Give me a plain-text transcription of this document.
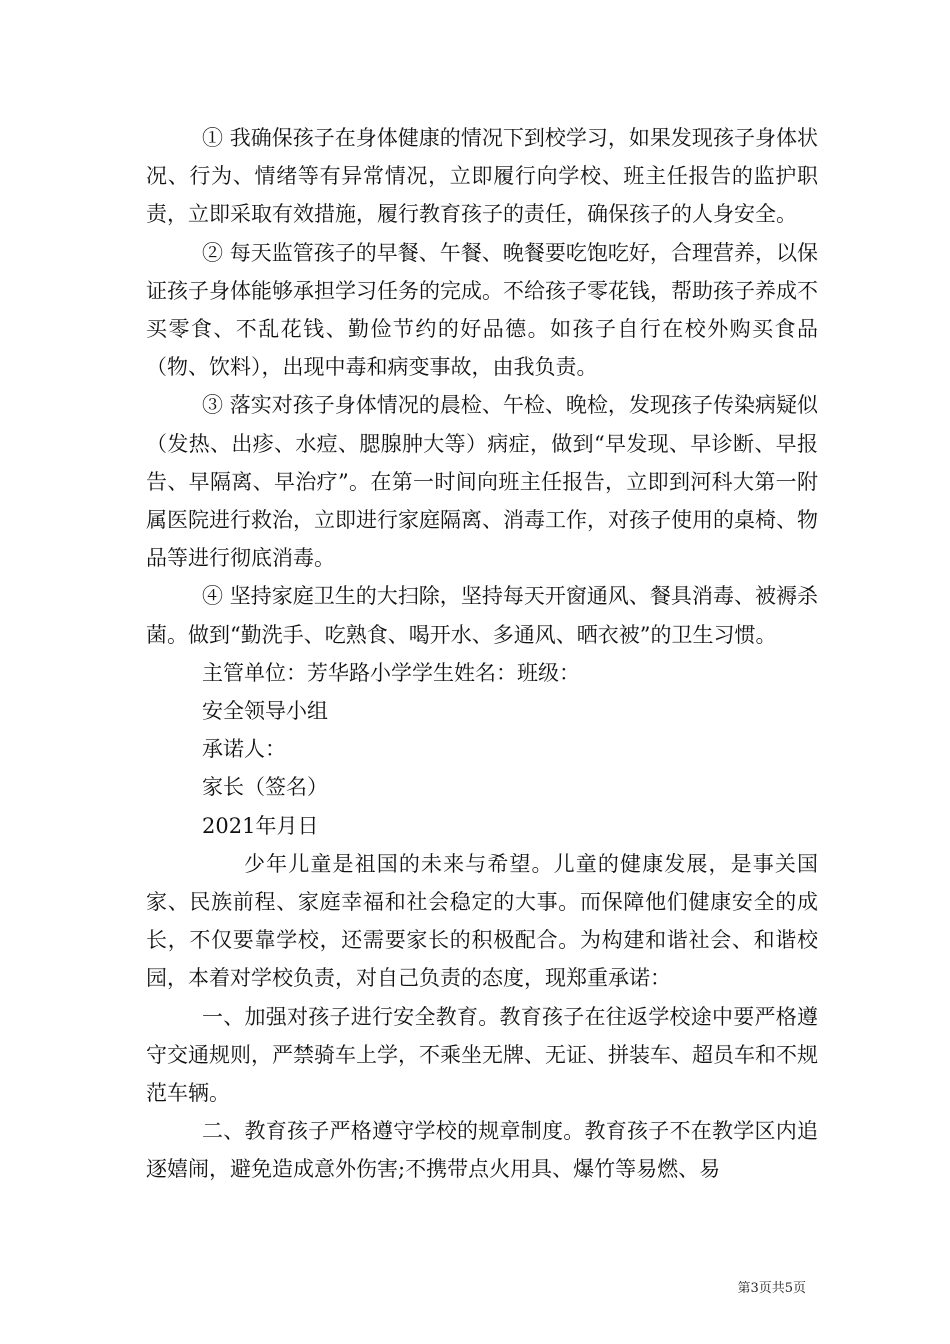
① 我确保孩子在身体健康的情况下到校学习，如果发现孩子身体状况、行为、情绪等有异常情况，立即履行向学校、班主任报告的监护职责，立即采取有效措施，履行教育孩子的责任，确保孩子的人身安全。

② 每天监管孩子的早餐、午餐、晚餐要吃饱吃好，合理营养，以保证孩子身体能够承担学习任务的完成。不给孩子零花钱，帮助孩子养成不买零食、不乱花钱、勤俭节约的好品德。如孩子自行在校外购买食品（物、饮料），出现中毒和病变事故，由我负责。

③ 落实对孩子身体情况的晨检、午检、晚检，发现孩子传染病疑似（发热、出疹、水痘、腮腺肿大等）病症，做到“早发现、早诊断、早报告、早隔离、早治疗”。在第一时间向班主任报告，立即到河科大第一附属医院进行救治，立即进行家庭隔离、消毒工作，对孩子使用的桌椅、物品等进行彻底消毒。

④ 坚持家庭卫生的大扫除，坚持每天开窗通风、餐具消毒、被褥杀菌。做到“勤洗手、吃熟食、喝开水、多通风、晒衣被”的卫生习惯。

主管单位：芳华路小学学生姓名：班级：

安全领导小组

承诺人：

家长（签名）

2021年月日

少年儿童是祖国的未来与希望。儿童的健康发展，是事关国家、民族前程、家庭幸福和社会稳定的大事。而保障他们健康安全的成长，不仅要靠学校，还需要家长的积极配合。为构建和谐社会、和谐校园，本着对学校负责，对自己负责的态度，现郑重承诺：

一、加强对孩子进行安全教育。教育孩子在往返学校途中要严格遵守交通规则，严禁骑车上学，不乘坐无牌、无证、拼装车、超员车和不规范车辆。

二、教育孩子严格遵守学校的规章制度。教育孩子不在教学区内追逐嬉闹，避免造成意外伤害;不携带点火用具、爆竹等易燃、易

第3页共5页
